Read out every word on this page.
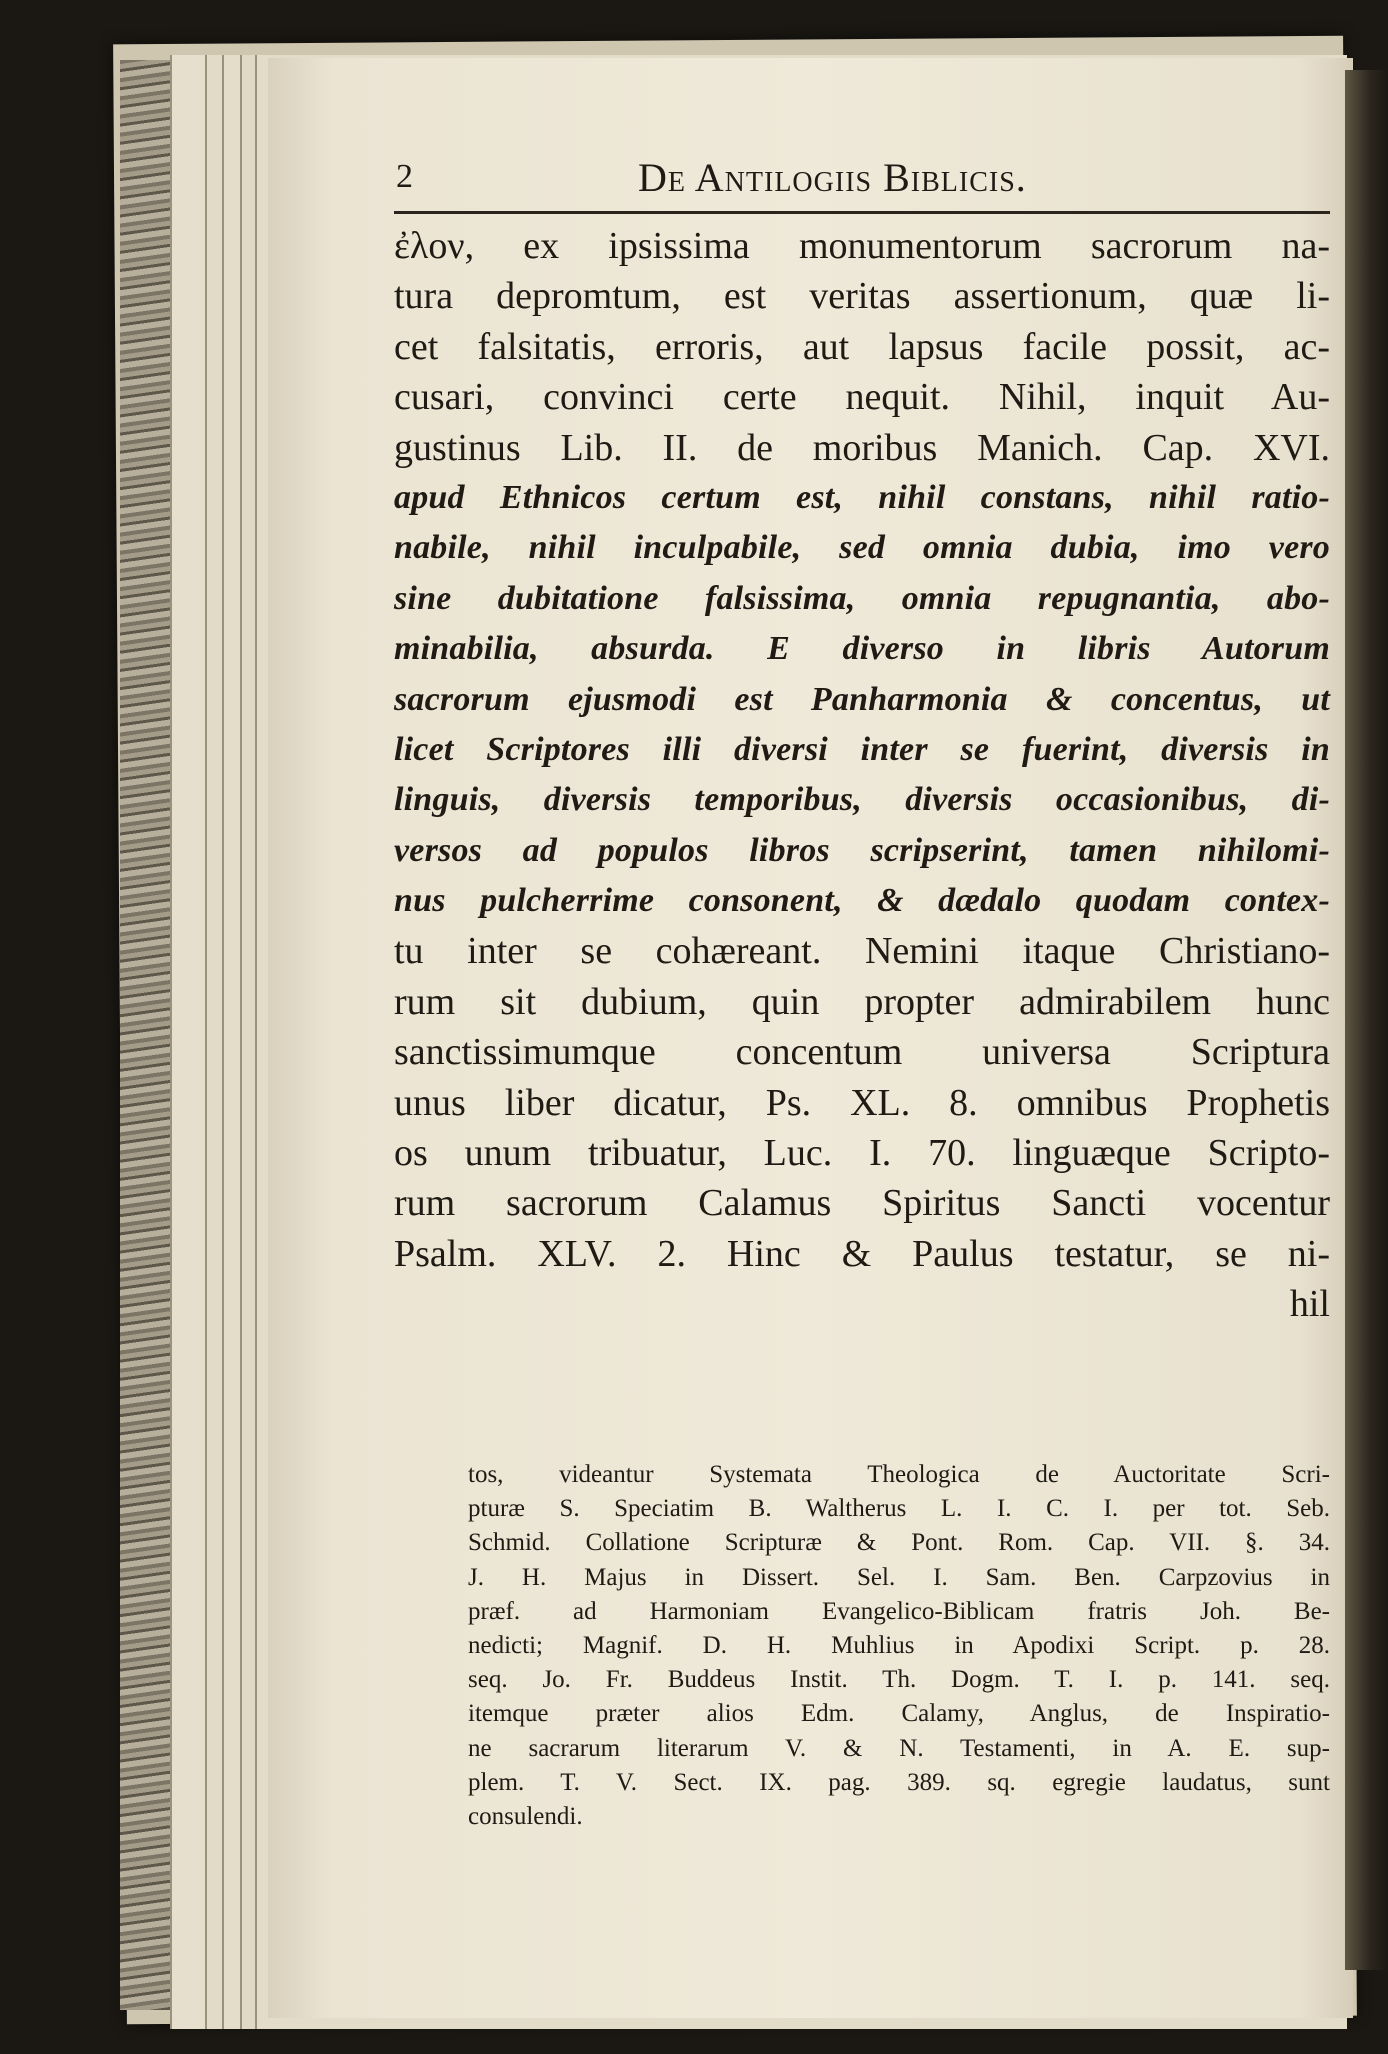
2	De Antilogiis Biblicis.
ἐλον, ex ipsissima monumentorum sacrorum na-
tura depromtum, est veritas assertionum, quæ li-
cet falsitatis, erroris, aut lapsus facile possit, ac-
cusari, convinci certe nequit. Nihil, inquit Au-
gustinus Lib. II. de moribus Manich. Cap. XVI.
apud Ethnicos certum est, nihil constans, nihil ratio-
nabile, nihil inculpabile, sed omnia dubia, imo vero
sine dubitatione falsissima, omnia repugnantia, abo-
minabilia, absurda. E diverso in libris Autorum
sacrorum ejusmodi est Panharmonia & concentus, ut
licet Scriptores illi diversi inter se fuerint, diversis in
linguis, diversis temporibus, diversis occasionibus, di-
versos ad populos libros scripserint, tamen nihilomi-
nus pulcherrime consonent, & dædalo quodam contex-
tu inter se cohæreant. Nemini itaque Christiano-
rum sit dubium, quin propter admirabilem hunc
sanctissimumque concentum universa Scriptura
unus liber dicatur, Ps. XL. 8. omnibus Prophetis
os unum tribuatur, Luc. I. 70. linguæque Scripto-
rum sacrorum Calamus Spiritus Sancti vocentur
Psalm. XLV. 2. Hinc & Paulus testatur, se ni-
hil
tos, videantur Systemata Theologica de Auctoritate Scri-
pturæ S. Speciatim B. Waltherus L. I. C. I. per tot. Seb.
Schmid. Collatione Scripturæ & Pont. Rom. Cap. VII. §. 34.
J. H. Majus in Dissert. Sel. I. Sam. Ben. Carpzovius in
præf. ad Harmoniam Evangelico-Biblicam fratris Joh. Be-
nedicti; Magnif. D. H. Muhlius in Apodixi Script. p. 28.
seq. Jo. Fr. Buddeus Instit. Th. Dogm. T. I. p. 141. seq.
itemque præter alios Edm. Calamy, Anglus, de Inspiratio-
ne sacrarum literarum V. & N. Testamenti, in A. E. sup-
plem. T. V. Sect. IX. pag. 389. sq. egregie laudatus, sunt
consulendi.
